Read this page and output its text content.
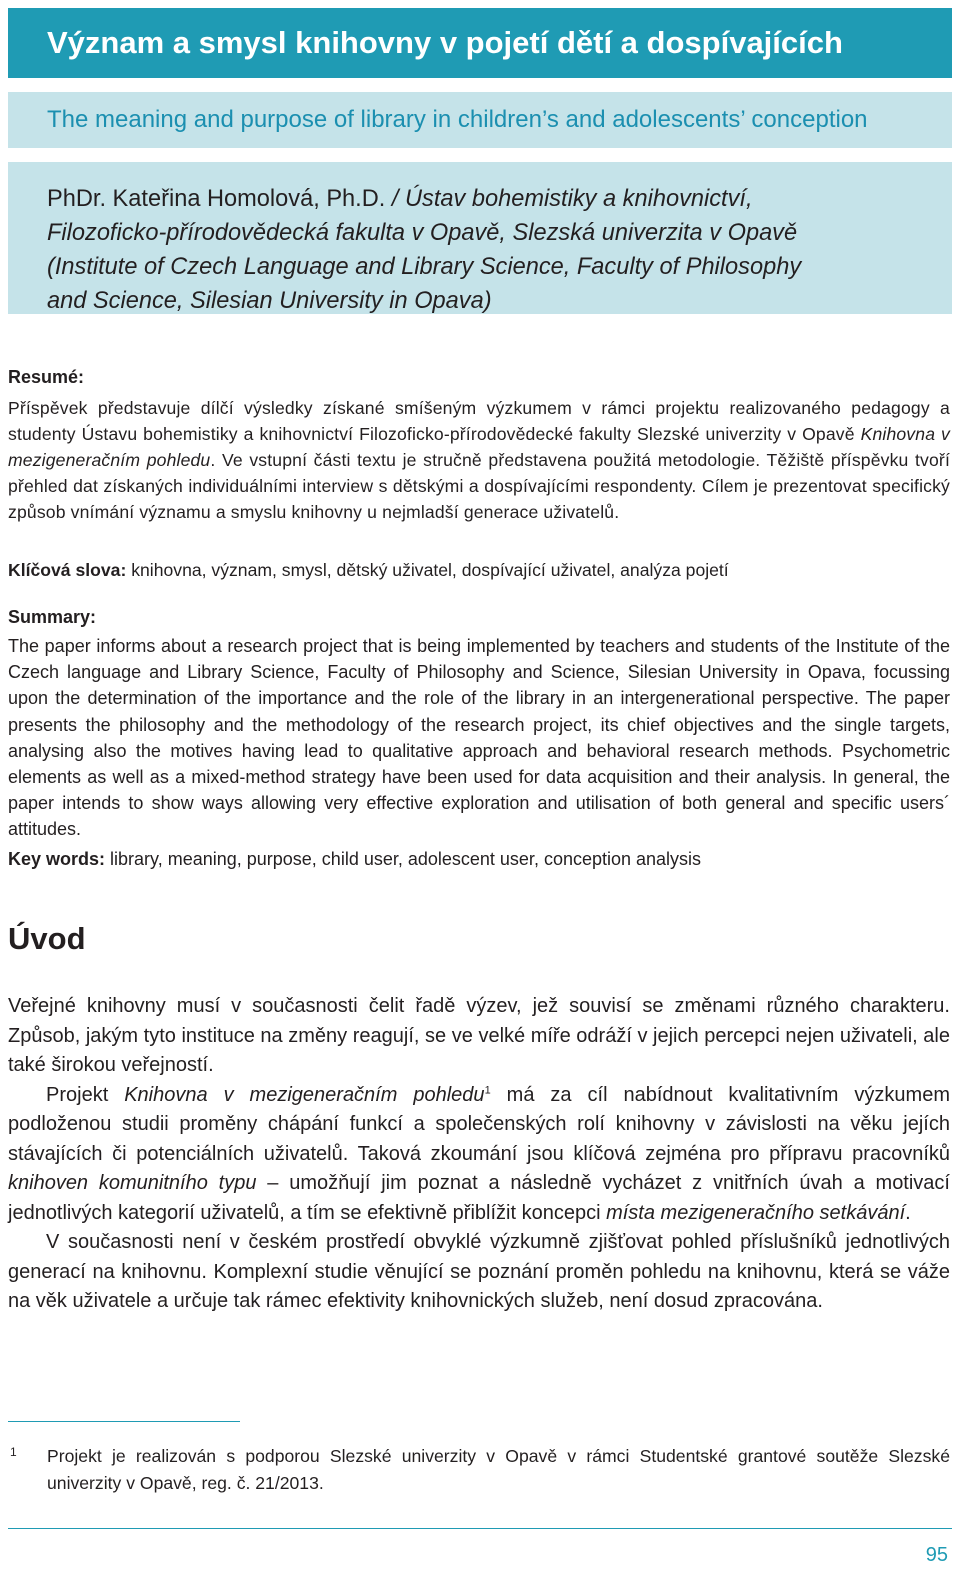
Význam a smysl knihovny v pojetí dětí a dospívajících
The meaning and purpose of library in children’s and adolescents’ conception
PhDr. Kateřina Homolová, Ph.D. / Ústav bohemistiky a knihovnictví,
Filozoficko-přírodovědecká fakulta v Opavě, Slezská univerzita v Opavě
(Institute of Czech Language and Library Science, Faculty of Philosophy
and Science, Silesian University in Opava)
Resumé:

Příspěvek představuje dílčí výsledky získané smíšeným výzkumem v rámci projektu realizovaného pedagogy a studenty Ústavu bohemistiky a knihovnictví Filozoficko-přírodovědecké fakulty Slezské univerzity v Opavě Knihovna v mezigeneračním pohledu. Ve vstupní části textu je stručně představena použitá metodologie. Těžiště příspěvku tvoří přehled dat získaných individuálními interview s dětskými a dospívajícími respondenty. Cílem je prezentovat specifický způsob vnímání významu a smyslu knihovny u nejmladší generace uživatelů.

Klíčová slova: knihovna, význam, smysl, dětský uživatel, dospívající uživatel, analýza pojetí
Summary:

The paper informs about a research project that is being implemented by teachers and students of the Institute of the Czech language and Library Science, Faculty of Philosophy and Science, Silesian University in Opava, focussing upon the determination of the importance and the role of the library in an intergenerational perspective. The paper presents the philosophy and the methodology of the research project, its chief objectives and the single targets, analysing also the motives having lead to qualitative approach and behavioral research methods. Psychometric elements as well as a mixed-method strategy have been used for data acquisition and their analysis. In general, the paper intends to show ways allowing very effective exploration and utilisation of both general and specific users´ attitudes.

Key words: library, meaning, purpose, child user, adolescent user, conception analysis
Úvod

Veřejné knihovny musí v současnosti čelit řadě výzev, jež souvisí se změnami různého charakteru. Způsob, jakým tyto instituce na změny reagují, se ve velké míře odráží v jejich percepci nejen uživateli, ale také širokou veřejností.

Projekt Knihovna v mezigeneračním pohledu$^1$ má za cíl nabídnout kvalitativním výzkumem podloženou studii proměny chápání funkcí a společenských rolí knihovny v závislosti na věku jejích stávajících či potenciálních uživatelů. Taková zkoumání jsou klíčová zejména pro přípravu pracovníků knihoven komunitního typu – umožňují jim poznat a následně vycházet z vnitřních úvah a motivací jednotlivých kategorií uživatelů, a tím se efektivně přiblížit koncepci místa mezigeneračního setkávání.

V současnosti není v českém prostředí obvyklé výzkumně zjišťovat pohled příslušníků jednotlivých generací na knihovnu. Komplexní studie věnující se poznání proměn pohledu na knihovnu, která se váže na věk uživatele a určuje tak rámec efektivity knihovnických služeb, není dosud zpracována.

1 Projekt je realizován s podporou Slezské univerzity v Opavě v rámci Studentské grantové soutěže Slezské univerzity v Opavě, reg. č. 21/2013.

95
